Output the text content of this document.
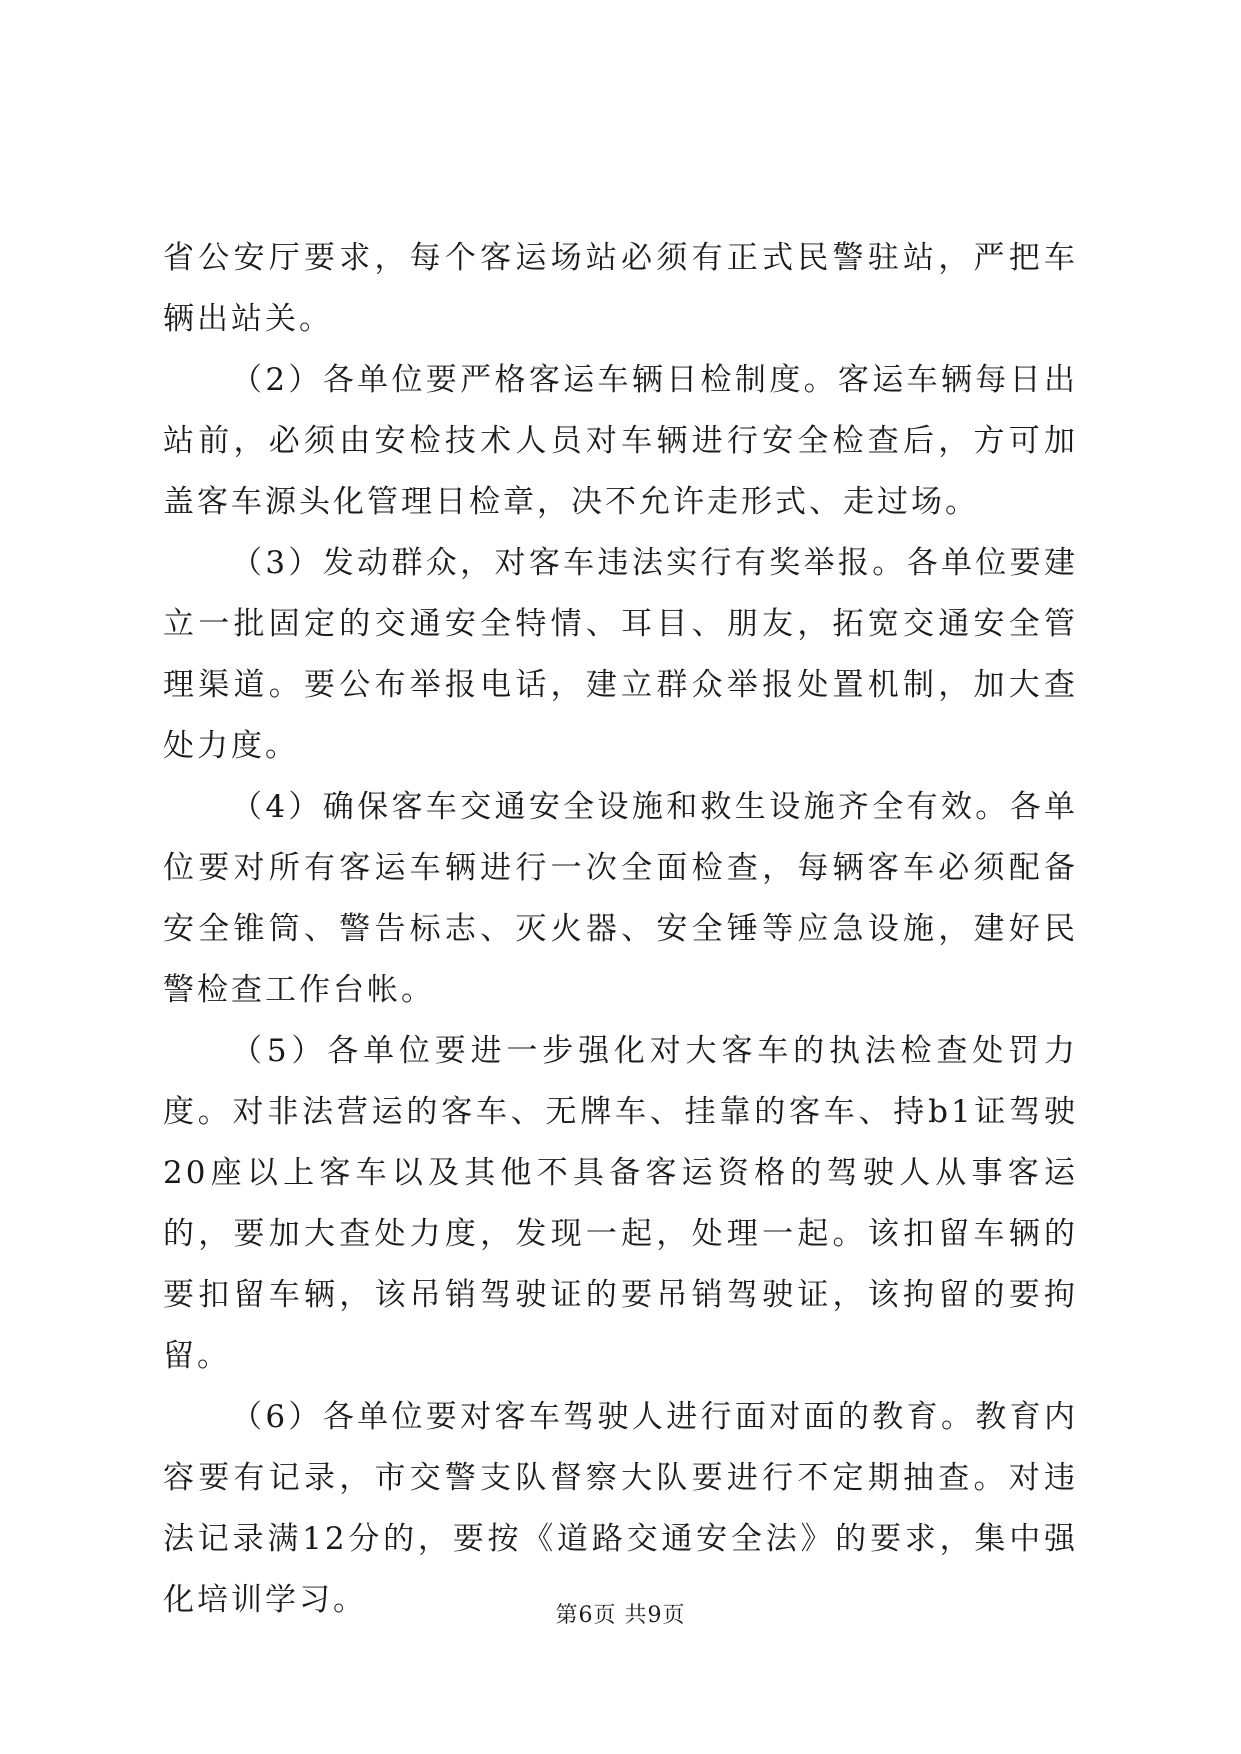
省公安厅要求，每个客运场站必须有正式民警驻站，严把车辆出站关。

（2）各单位要严格客运车辆日检制度。客运车辆每日出站前，必须由安检技术人员对车辆进行安全检查后，方可加盖客车源头化管理日检章，决不允许走形式、走过场。

（3）发动群众，对客车违法实行有奖举报。各单位要建立一批固定的交通安全特情、耳目、朋友，拓宽交通安全管理渠道。要公布举报电话，建立群众举报处置机制，加大查处力度。

（4）确保客车交通安全设施和救生设施齐全有效。各单位要对所有客运车辆进行一次全面检查，每辆客车必须配备安全锥筒、警告标志、灭火器、安全锤等应急设施，建好民警检查工作台帐。

（5）各单位要进一步强化对大客车的执法检查处罚力度。对非法营运的客车、无牌车、挂靠的客车、持b1证驾驶20座以上客车以及其他不具备客运资格的驾驶人从事客运的，要加大查处力度，发现一起，处理一起。该扣留车辆的要扣留车辆，该吊销驾驶证的要吊销驾驶证，该拘留的要拘留。

（6）各单位要对客车驾驶人进行面对面的教育。教育内容要有记录，市交警支队督察大队要进行不定期抽查。对违法记录满12分的，要按《道路交通安全法》的要求，集中强化培训学习。	第6页 共9页
